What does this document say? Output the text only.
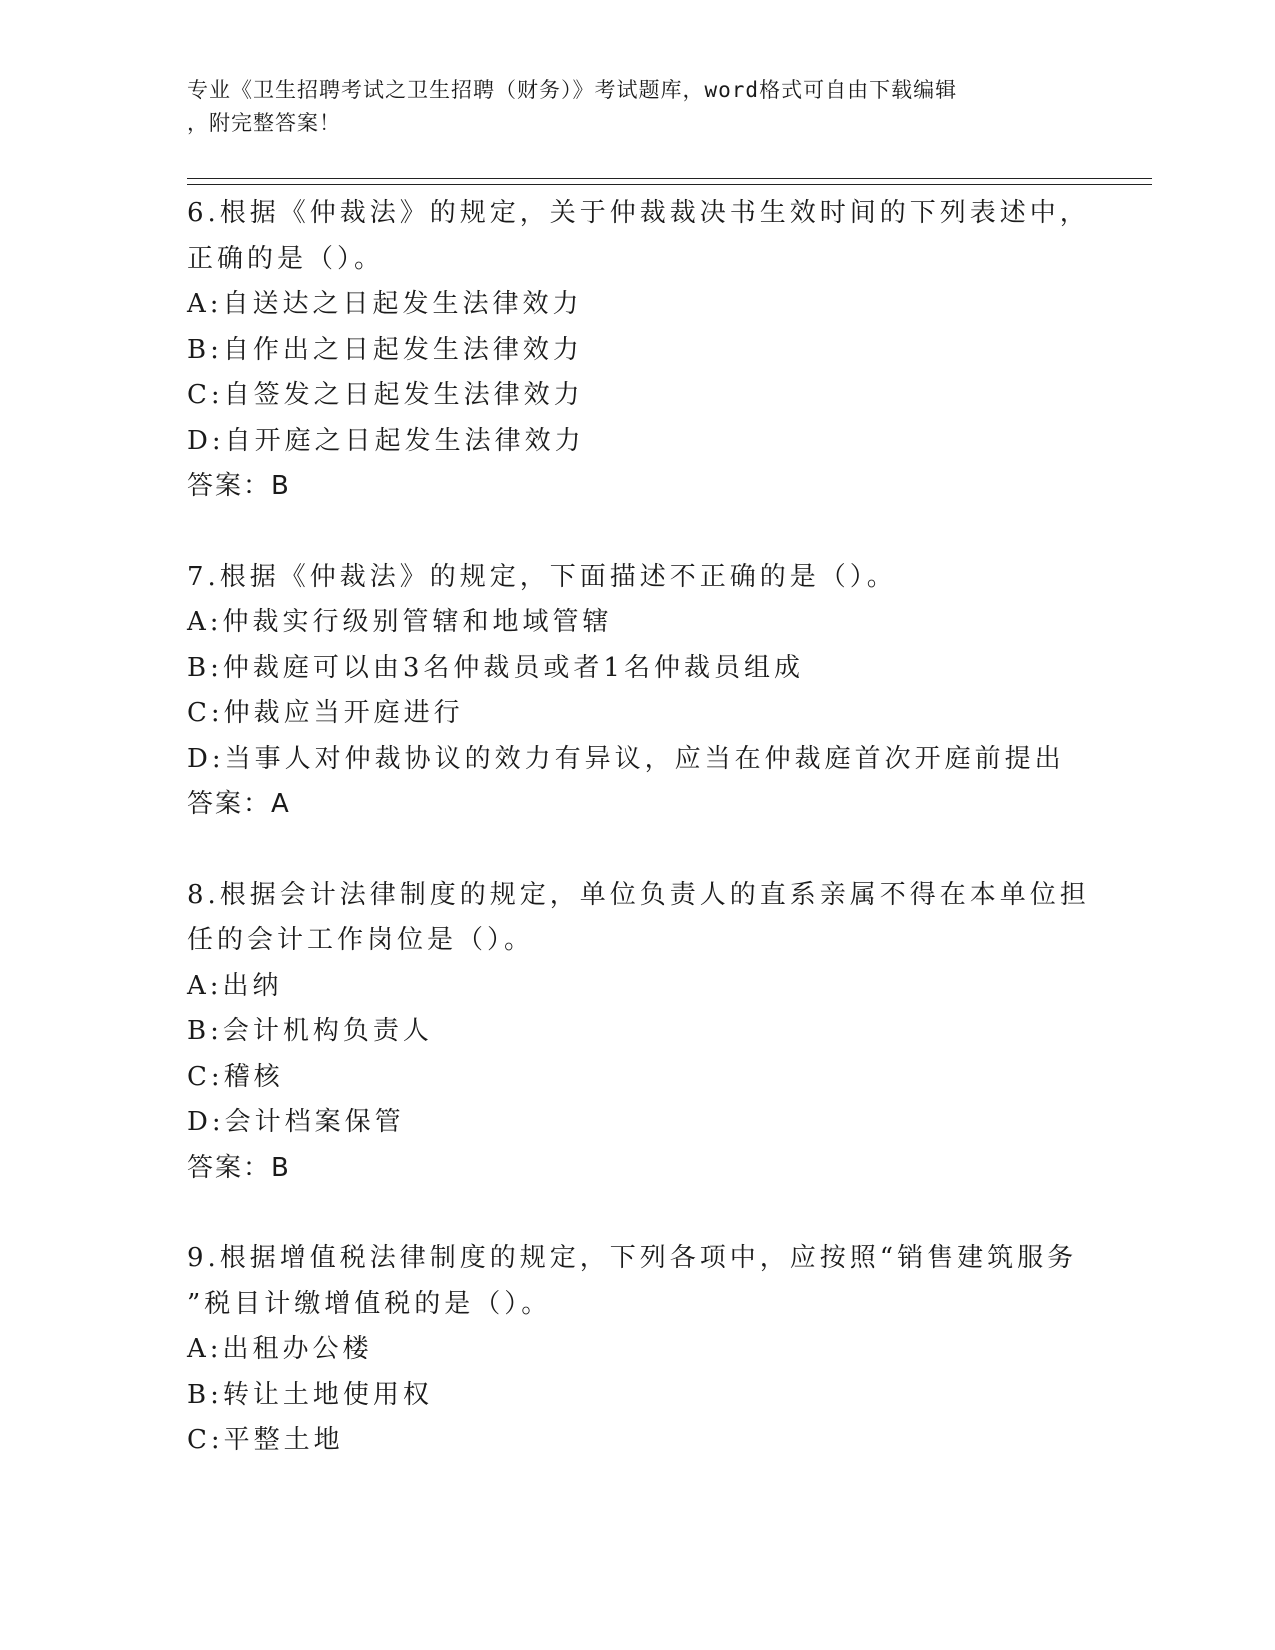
专业《卫生招聘考试之卫生招聘（财务）》考试题库，word格式可自由下载编辑
，附完整答案！
6.根据《仲裁法》的规定，关于仲裁裁决书生效时间的下列表述中，
正确的是（）。
A:自送达之日起发生法律效力
B:自作出之日起发生法律效力
C:自签发之日起发生法律效力
D:自开庭之日起发生法律效力
答案：B
7.根据《仲裁法》的规定，下面描述不正确的是（）。
A:仲裁实行级别管辖和地域管辖
B:仲裁庭可以由3名仲裁员或者1名仲裁员组成
C:仲裁应当开庭进行
D:当事人对仲裁协议的效力有异议，应当在仲裁庭首次开庭前提出
答案：A
8.根据会计法律制度的规定，单位负责人的直系亲属不得在本单位担
任的会计工作岗位是（）。
A:出纳
B:会计机构负责人
C:稽核
D:会计档案保管
答案：B
9.根据增值税法律制度的规定，下列各项中，应按照“销售建筑服务
”税目计缴增值税的是（）。
A:出租办公楼
B:转让土地使用权
C:平整土地
